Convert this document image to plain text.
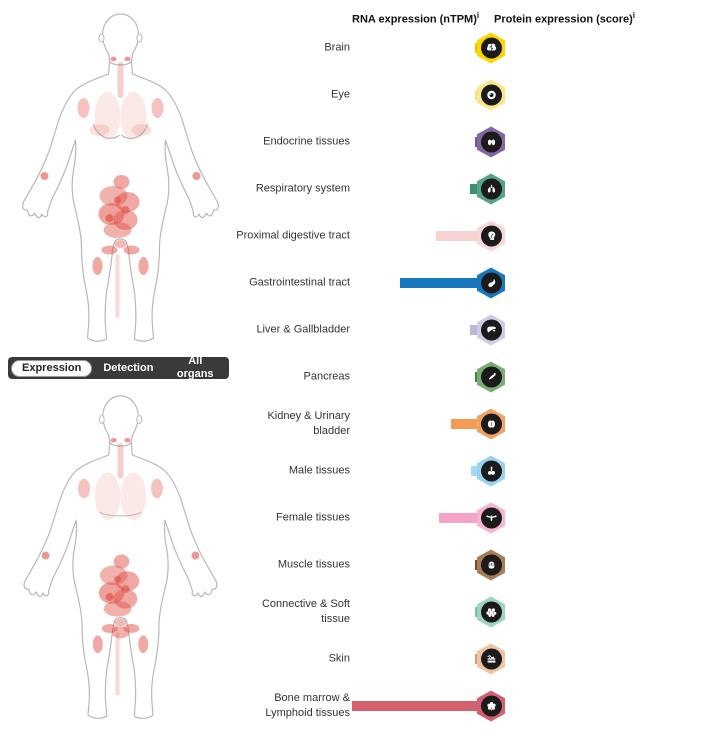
Expression	Detection
All organs
RNA expression (nTPM)$^i$ Protein expression (score)$^i$
Brain
Eye
Endocrine tissues
Respiratory system
Proximal digestive tract
Gastrointestinal tract
Liver & Gallbladder
Pancreas
Kidney & Urinary
bladder
Male tissues
Female tissues
Muscle tissues
Connective & Soft
tissue
Skin
Bone marrow &
Lymphoid tissues
